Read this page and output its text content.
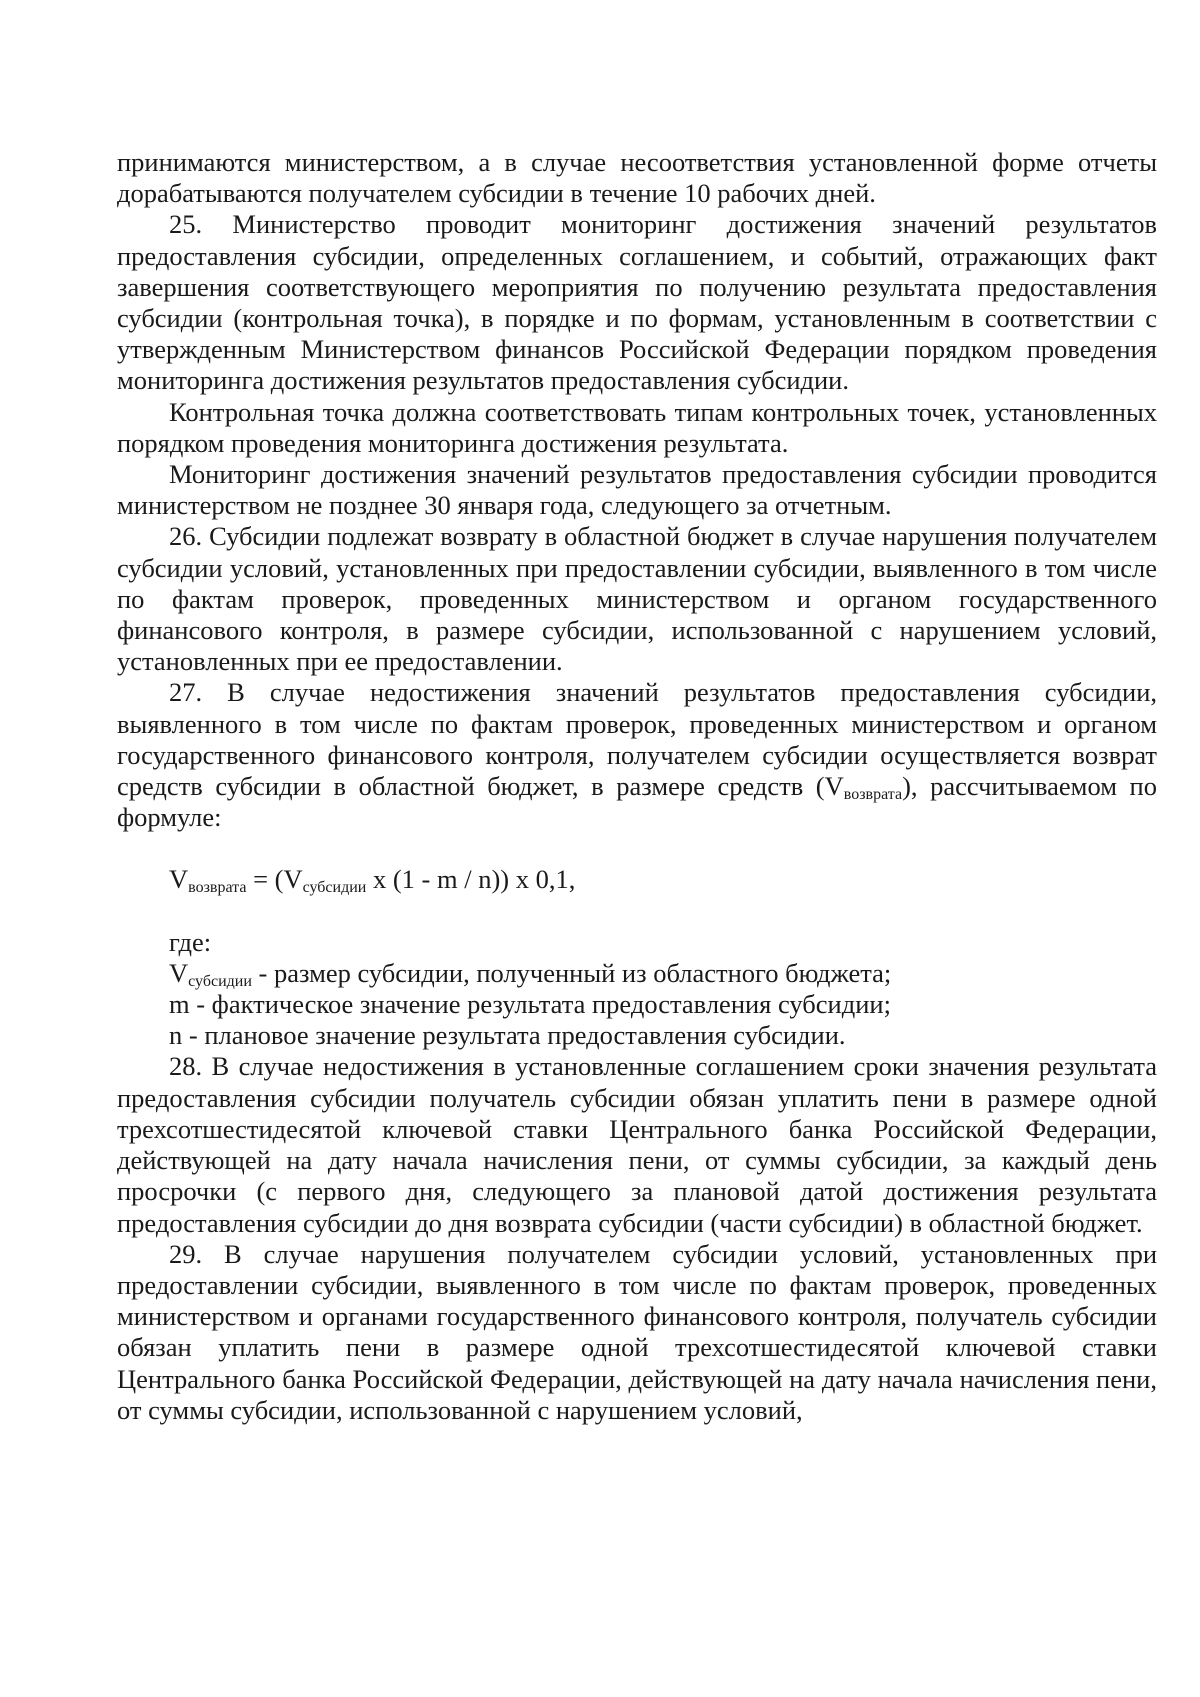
принимаются министерством, а в случае несоответствия установленной форме отчеты дорабатываются получателем субсидии в течение 10 рабочих дней.

25. Министерство проводит мониторинг достижения значений результатов предоставления субсидии, определенных соглашением, и событий, отражающих факт завершения соответствующего мероприятия по получению результата предоставления субсидии (контрольная точка), в порядке и по формам, установленным в соответствии с утвержденным Министерством финансов Российской Федерации порядком проведения мониторинга достижения результатов предоставления субсидии.

Контрольная точка должна соответствовать типам контрольных точек, установленных порядком проведения мониторинга достижения результата.

Мониторинг достижения значений результатов предоставления субсидии проводится министерством не позднее 30 января года, следующего за отчетным.

26. Субсидии подлежат возврату в областной бюджет в случае нарушения получателем субсидии условий, установленных при предоставлении субсидии, выявленного в том числе по фактам проверок, проведенных министерством и органом государственного финансового контроля, в размере субсидии, использованной с нарушением условий, установленных при ее предоставлении.

27. В случае недостижения значений результатов предоставления субсидии, выявленного в том числе по фактам проверок, проведенных министерством и органом государственного финансового контроля, получателем субсидии осуществляется возврат средств субсидии в областной бюджет, в размере средств $(V_{возврата})$, рассчитываемом по формуле:

$V_{возврата} = (V_{субсидии}$ x (1 - m / n)) x 0,1,

где:

$V_{субсидии}$ - размер субсидии, полученный из областного бюджета;

m - фактическое значение результата предоставления субсидии;

n - плановое значение результата предоставления субсидии.

28. В случае недостижения в установленные соглашением сроки значения результата предоставления субсидии получатель субсидии обязан уплатить пени в размере одной трехсотшестидесятой ключевой ставки Центрального банка Российской Федерации, действующей на дату начала начисления пени, от суммы субсидии, за каждый день просрочки (с первого дня, следующего за плановой датой достижения результата предоставления субсидии до дня возврата субсидии (части субсидии) в областной бюджет.

29. В случае нарушения получателем субсидии условий, установленных при предоставлении субсидии, выявленного в том числе по фактам проверок, проведенных министерством и органами государственного финансового контроля, получатель субсидии обязан уплатить пени в размере одной трехсотшестидесятой ключевой ставки Центрального банка Российской Федерации, действующей на дату начала начисления пени, от суммы субсидии, использованной с нарушением условий,
